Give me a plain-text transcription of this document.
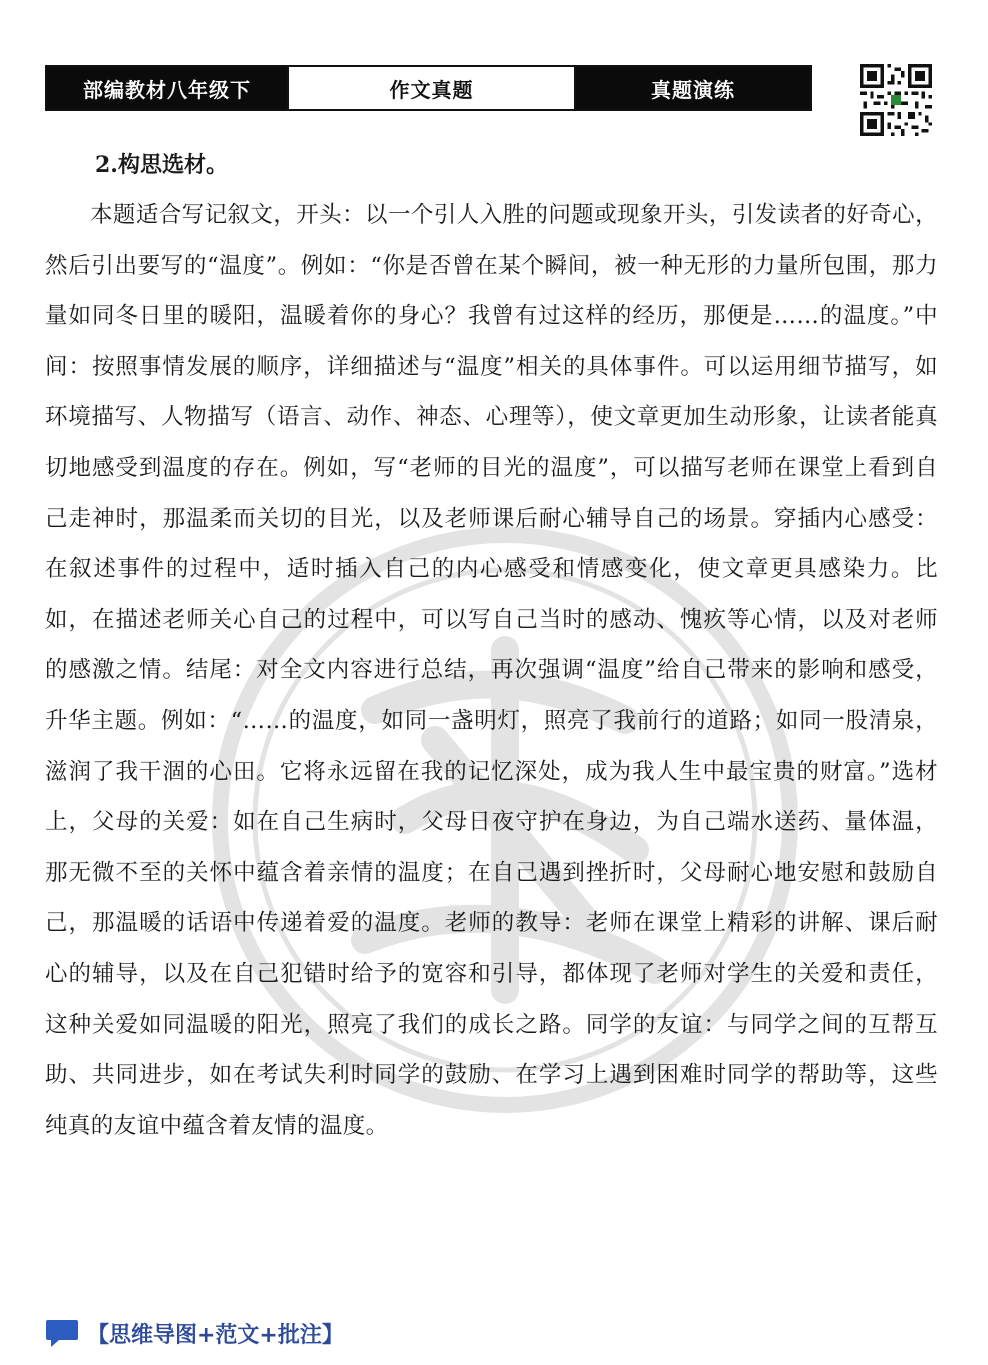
部编教材八年级下	作文真题	真题演练

2.构思选材。

本题适合写记叙文，开头：以一个引人入胜的问题或现象开头，引发读者的好奇心，然后引出要写的“温度”。例如：“你是否曾在某个瞬间，被一种无形的力量所包围，那力量如同冬日里的暖阳，温暖着你的身心？我曾有过这样的经历，那便是……的温度。”中间：按照事情发展的顺序，详细描述与“温度”相关的具体事件。可以运用细节描写，如环境描写、人物描写（语言、动作、神态、心理等），使文章更加生动形象，让读者能真切地感受到温度的存在。例如，写“老师的目光的温度”，可以描写老师在课堂上看到自己走神时，那温柔而关切的目光，以及老师课后耐心辅导自己的场景。穿插内心感受：在叙述事件的过程中，适时插入自己的内心感受和情感变化，使文章更具感染力。比如，在描述老师关心自己的过程中，可以写自己当时的感动、愧疚等心情，以及对老师的感激之情。结尾：对全文内容进行总结，再次强调“温度”给自己带来的影响和感受，升华主题。例如：“……的温度，如同一盏明灯，照亮了我前行的道路；如同一股清泉，滋润了我干涸的心田。它将永远留在我的记忆深处，成为我人生中最宝贵的财富。”选材上，父母的关爱：如在自己生病时，父母日夜守护在身边，为自己端水送药、量体温，那无微不至的关怀中蕴含着亲情的温度；在自己遇到挫折时，父母耐心地安慰和鼓励自己，那温暖的话语中传递着爱的温度。老师的教导：老师在课堂上精彩的讲解、课后耐心的辅导，以及在自己犯错时给予的宽容和引导，都体现了老师对学生的关爱和责任，这种关爱如同温暖的阳光，照亮了我们的成长之路。同学的友谊：与同学之间的互帮互助、共同进步，如在考试失利时同学的鼓励、在学习上遇到困难时同学的帮助等，这些纯真的友谊中蕴含着友情的温度。

【思维导图+范文+批注】
